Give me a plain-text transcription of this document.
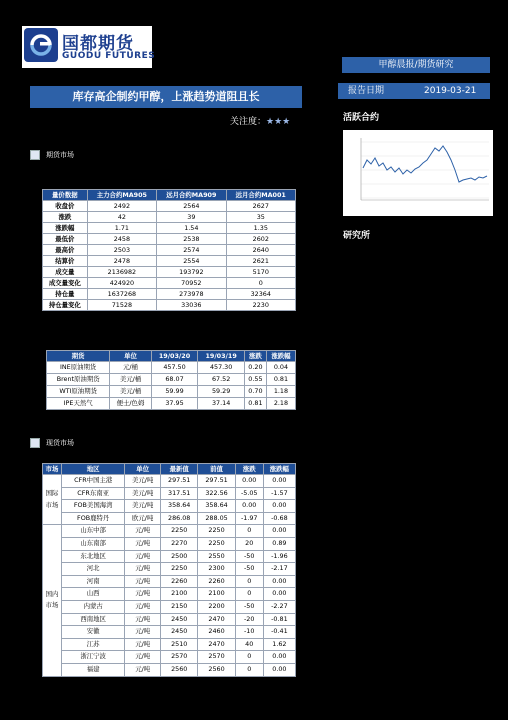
国都期货
GUODU FUTURES
甲醇晨报/期货研究
报告日期	2019-03-21
库存高企制约甲醇，上涨趋势道阻且长
关注度：★★★	活跃合约
研究所
期货市场
量价数据	主力合约MA905	远月合约MA909	远月合约MA001
收盘价	2492	2564	2627
涨跌	42	39	35
涨跌幅	1.71	1.54	1.35
最低价	2458	2538	2602
最高价	2503	2574	2640
结算价	2478	2554	2621
成交量	2136982	193792	5170
成交量变化	424920	70952	0
持仓量	1637268	273978	32364
持仓量变化	71528	33036	2230
期货	单位	19/03/20	19/03/19	涨跌	涨跌幅
INE原油期货	元/桶	457.50	457.30	0.20	0.04
Brent原油期货	美元/桶	68.07	67.52	0.55	0.81
WTI原油期货	美元/桶	59.99	59.29	0.70	1.18
IPE天然气	便士/色姆	37.95	37.14	0.81	2.18
现货市场
市场	地区	单位	最新值	前值	涨跌	涨跌幅
国际市场	CFR中国主港	美元/吨	297.51	297.51	0.00	0.00
	CFR东南亚	美元/吨	317.51	322.56	-5.05	-1.57
	FOB美国海湾	美元/吨	358.64	358.64	0.00	0.00
	FOB鹿特丹	欧元/吨	286.08	288.05	-1.97	-0.68
国内市场	山东中部	元/吨	2250	2250	0	0.00
	山东南部	元/吨	2270	2250	20	0.89
	东北地区	元/吨	2500	2550	-50	-1.96
	河北	元/吨	2250	2300	-50	-2.17
	河南	元/吨	2260	2260	0	0.00
	山西	元/吨	2100	2100	0	0.00
	内蒙古	元/吨	2150	2200	-50	-2.27
	西南地区	元/吨	2450	2470	-20	-0.81
	安徽	元/吨	2450	2460	-10	-0.41
	江苏	元/吨	2510	2470	40	1.62
	浙江宁波	元/吨	2570	2570	0	0.00
	福建	元/吨	2560	2560	0	0.00
